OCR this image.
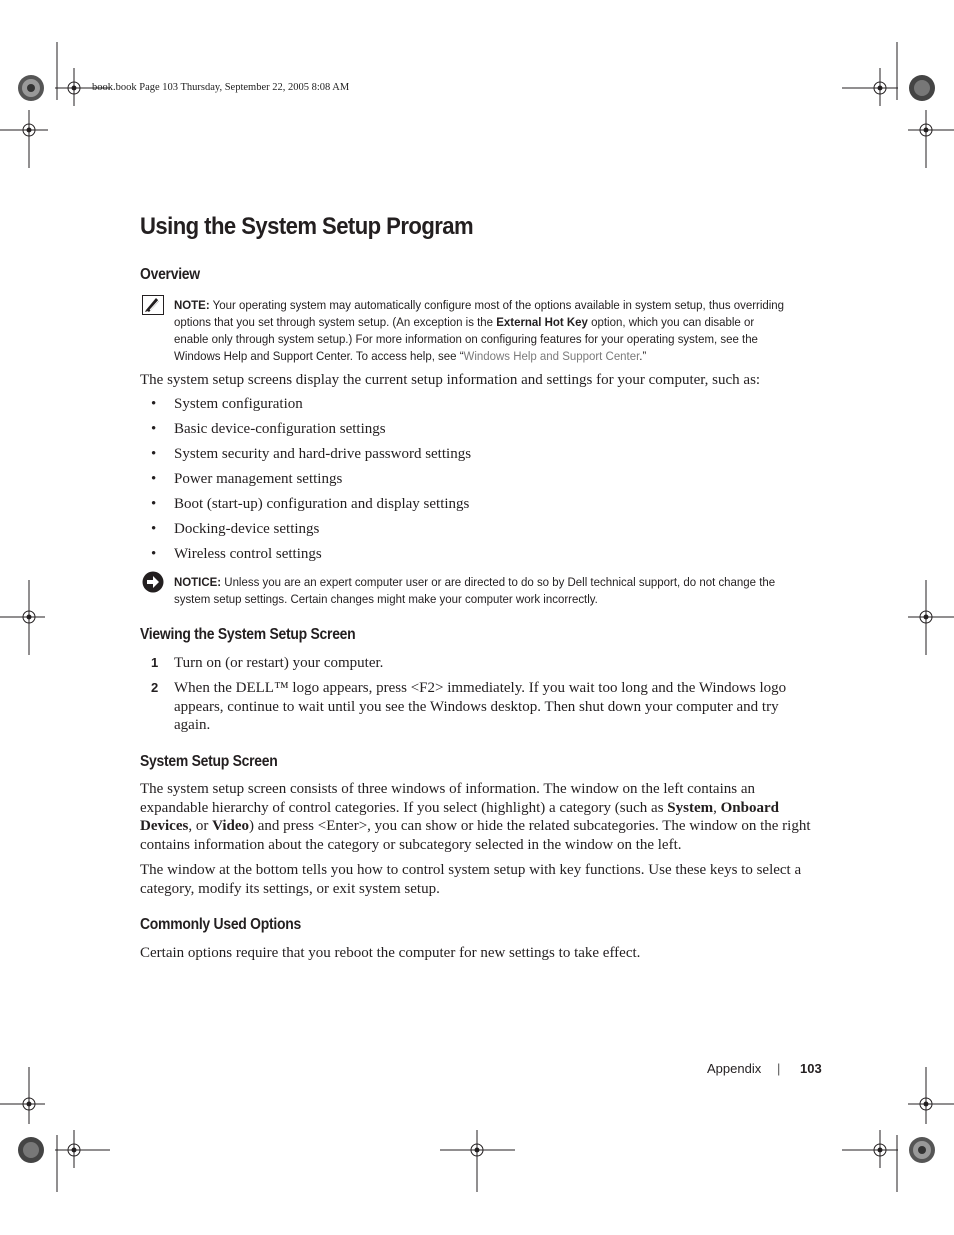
book.book Page 103 Thursday, September 22, 2005 8:08 AM
Using the System Setup Program
Overview
NOTE: Your operating system may automatically configure most of the options available in system setup, thus overriding options that you set through system setup. (An exception is the External Hot Key option, which you can disable or enable only through system setup.) For more information on configuring features for your operating system, see the Windows Help and Support Center. To access help, see “Windows Help and Support Center.”
The system setup screens display the current setup information and settings for your computer, such as:
• System configuration
• Basic device-configuration settings
• System security and hard-drive password settings
• Power management settings
• Boot (start-up) configuration and display settings
• Docking-device settings
• Wireless control settings
NOTICE: Unless you are an expert computer user or are directed to do so by Dell technical support, do not change the system setup settings. Certain changes might make your computer work incorrectly.
Viewing the System Setup Screen
1 Turn on (or restart) your computer.
2 When the DELL™ logo appears, press <F2> immediately. If you wait too long and the Windows logo appears, continue to wait until you see the Windows desktop. Then shut down your computer and try again.
System Setup Screen
The system setup screen consists of three windows of information. The window on the left contains an expandable hierarchy of control categories. If you select (highlight) a category (such as System, Onboard Devices, or Video) and press <Enter>, you can show or hide the related subcategories. The window on the right contains information about the category or subcategory selected in the window on the left.
The window at the bottom tells you how to control system setup with key functions. Use these keys to select a category, modify its settings, or exit system setup.
Commonly Used Options
Certain options require that you reboot the computer for new settings to take effect.
Appendix | 103
